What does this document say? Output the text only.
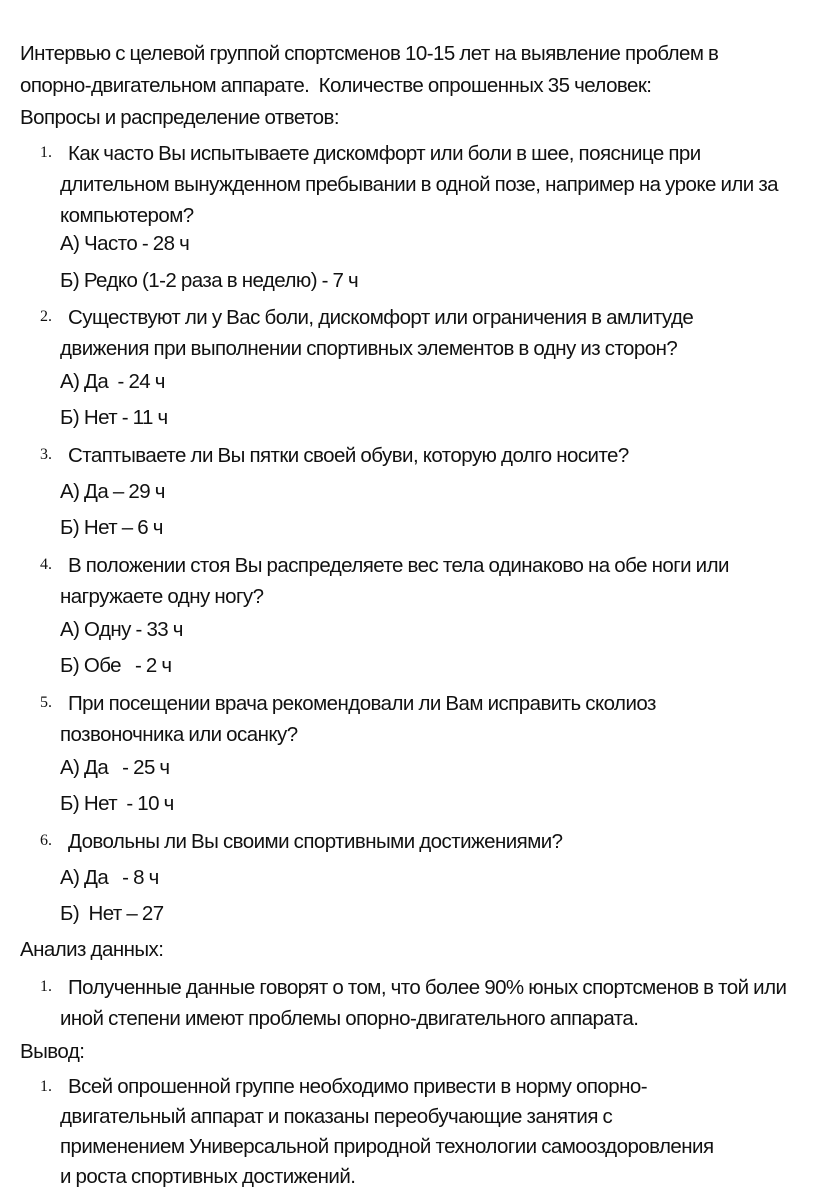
Интервью с целевой группой спортсменов 10-15 лет на выявление проблем в
опорно-двигательном аппарате.  Количестве опрошенных 35 человек:
Вопросы и распределение ответов:
1. Как часто Вы испытываете дискомфорт или боли в шее, пояснице при длительном вынужденном пребывании в одной позе, например на уроке или за компьютером?
А) Часто - 28 ч
Б) Редко (1-2 раза в неделю) - 7 ч
2. Существуют ли у Вас боли, дискомфорт или ограничения в амлитуде движения при выполнении спортивных элементов в одну из сторон?
А) Да  - 24 ч
Б) Нет - 11 ч
3. Стаптываете ли Вы пятки своей обуви, которую долго носите?
А) Да – 29 ч
Б) Нет – 6 ч
4. В положении стоя Вы распределяете вес тела одинаково на обе ноги или нагружаете одну ногу?
А) Одну - 33 ч
Б) Обе   - 2 ч
5. При посещении врача рекомендовали ли Вам исправить сколиоз позвоночника или осанку?
А) Да   - 25 ч
Б) Нет  - 10 ч
6. Довольны ли Вы своими спортивными достижениями?
А) Да   - 8 ч
Б)  Нет – 27
Анализ данных:
1. Полученные данные говорят о том, что более 90% юных спортсменов в той или иной степени имеют проблемы опорно-двигательного аппарата.
Вывод:
1. Всей опрошенной группе необходимо привести в норму опорно-двигательный аппарат и показаны переобучающие занятия с применением Универсальной природной технологии самооздоровления и роста спортивных достижений.
